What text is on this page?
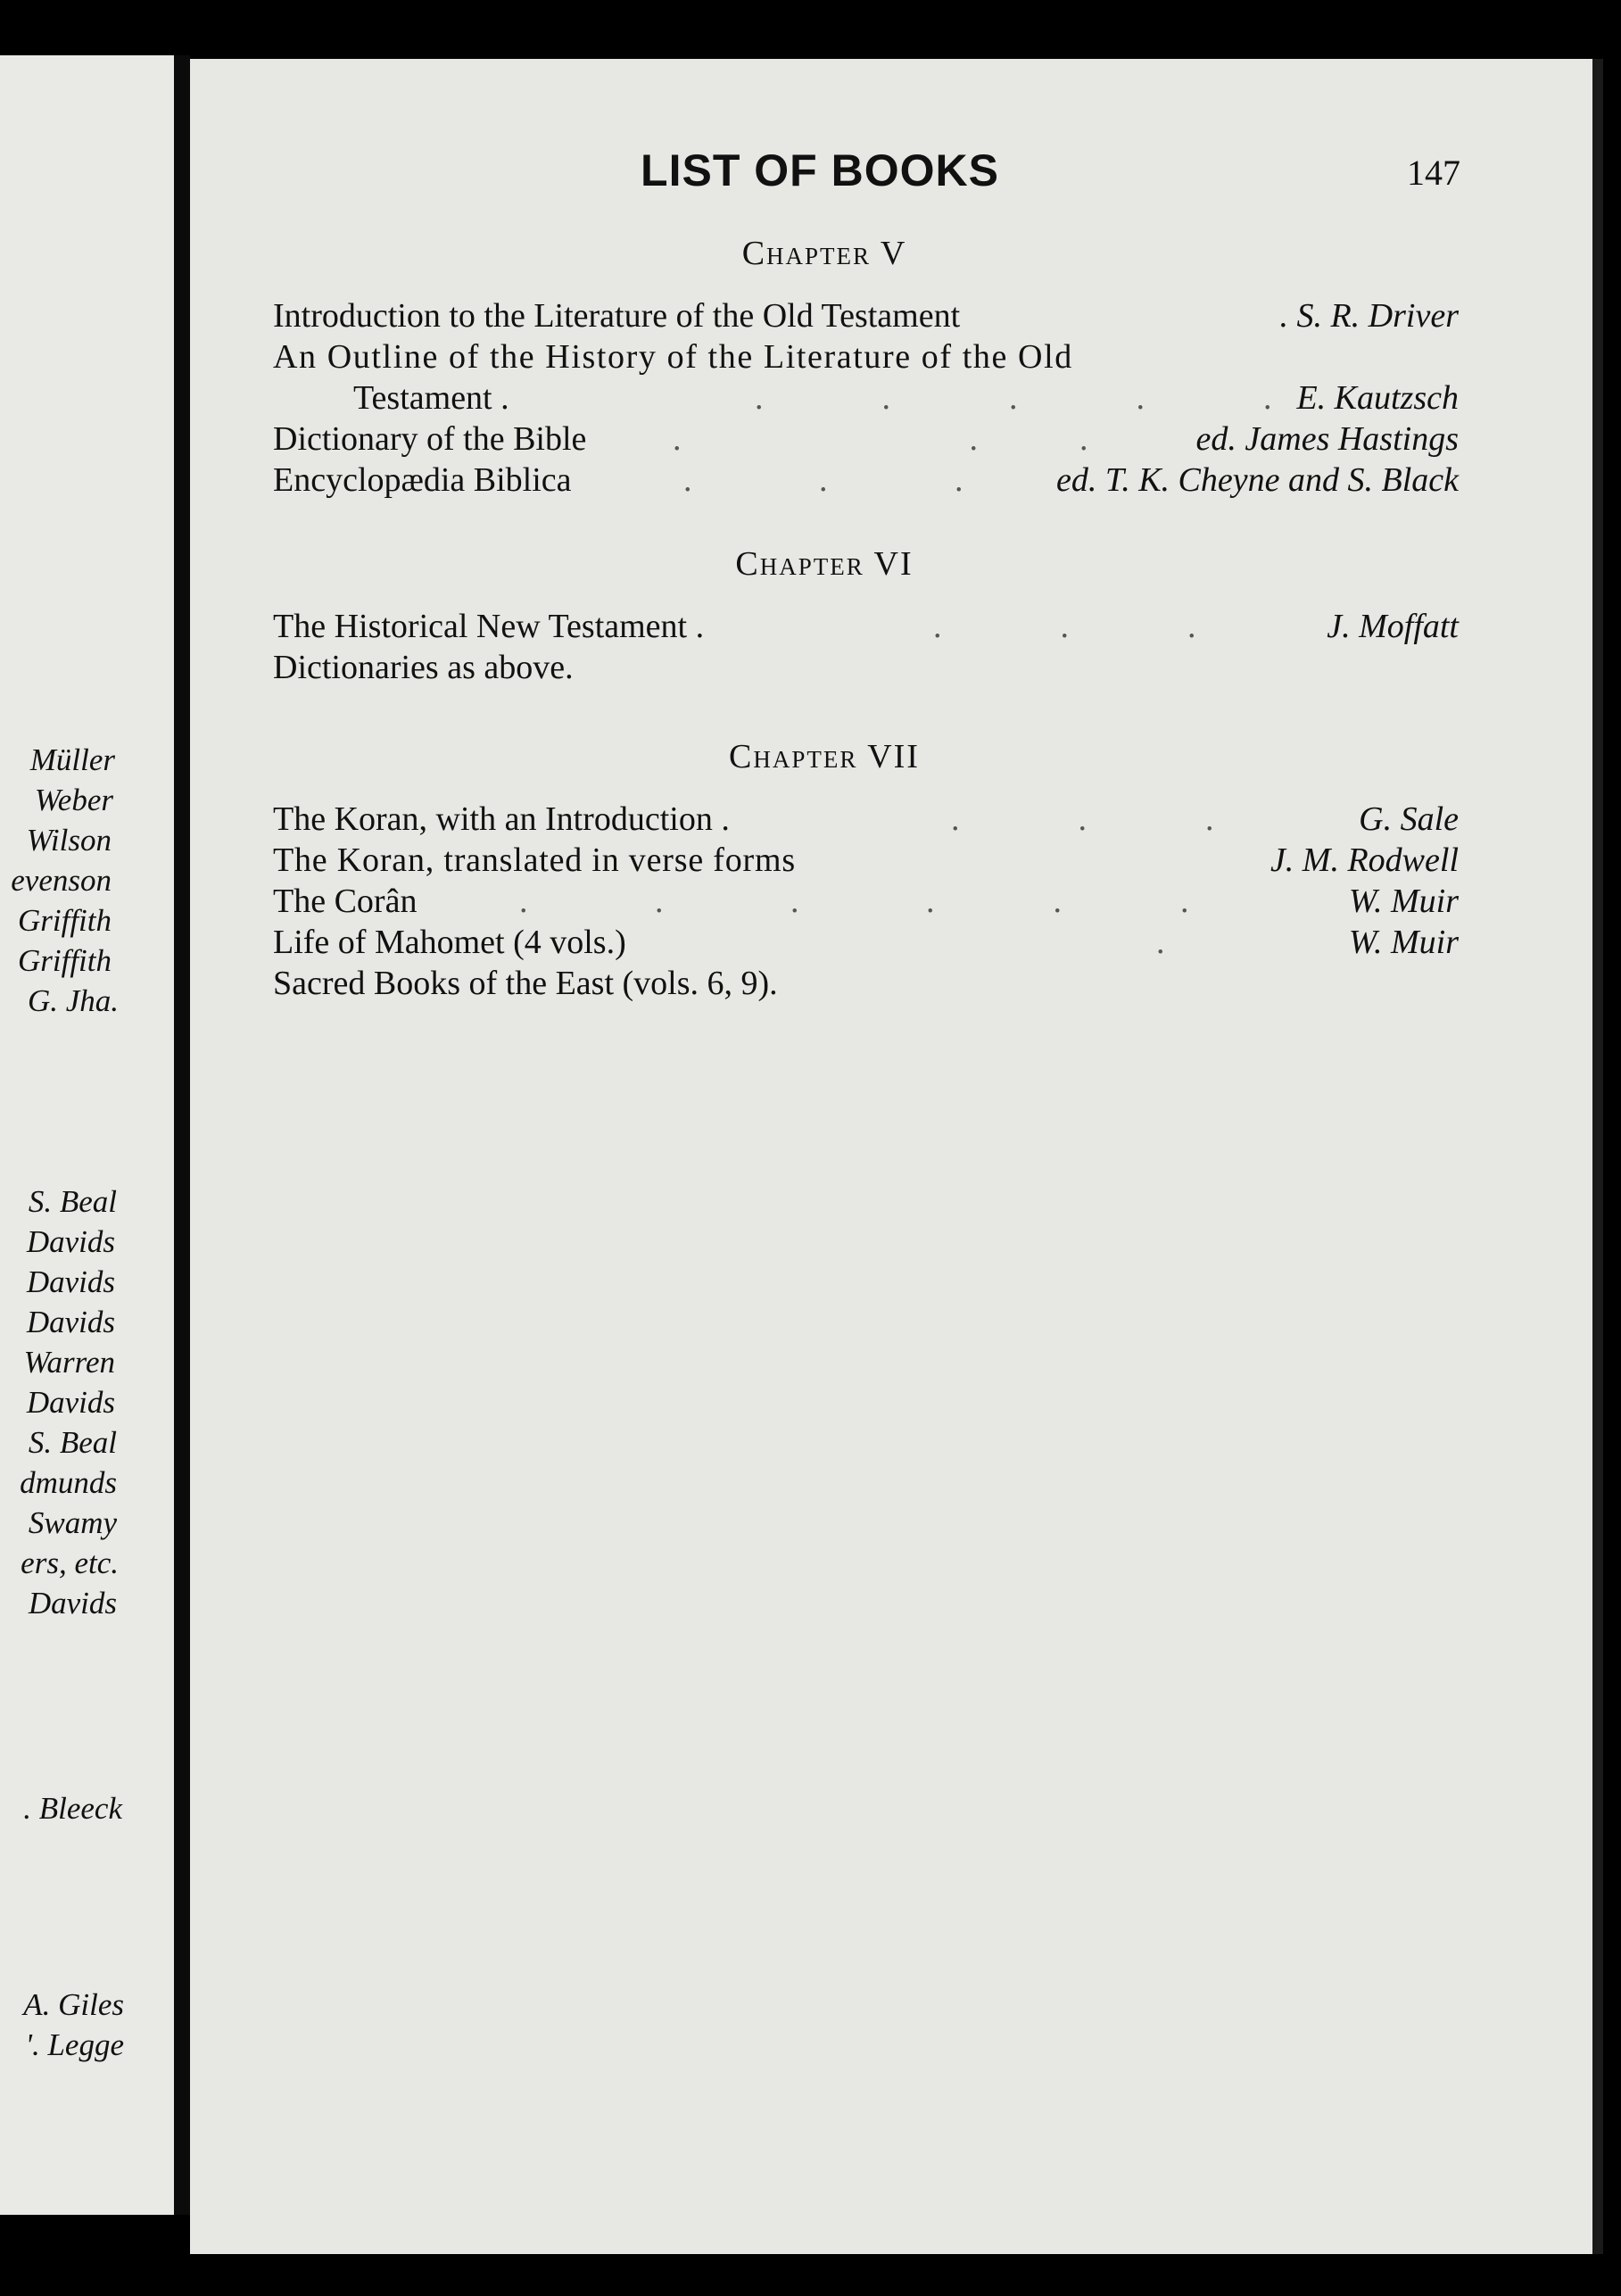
Müller
Weber
Wilson
evenson
Griffith
Griffith
G. Jha.
S. Beal
Davids
Davids
Davids
Warren
Davids
S. Beal
dmunds
Swamy
ers, etc.
Davids
. Bleeck
A. Giles
'. Legge
LIST OF BOOKS	147
Chapter V
Introduction to the Literature of the Old Testament	. S. R. Driver
An Outline of the History of the Literature of the Old
Testament .	.              .              .              .              . E. Kautzsch
Dictionary of the Bible	.                                  .            .	ed. James Hastings
Encyclopædia Biblica	.               .               .	ed. T. K. Cheyne and S. Black
Chapter VI
The Historical New Testament .	.              .              .	J. Moffatt
Dictionaries as above.
Chapter VII
The Koran, with an Introduction .	.              .              .	G. Sale
The Koran, translated in verse forms	J. M. Rodwell
The Corân	.               .               .               .              .              .	W. Muir
Life of Mahomet (4 vols.)	.	W. Muir
Sacred Books of the East (vols. 6, 9).
